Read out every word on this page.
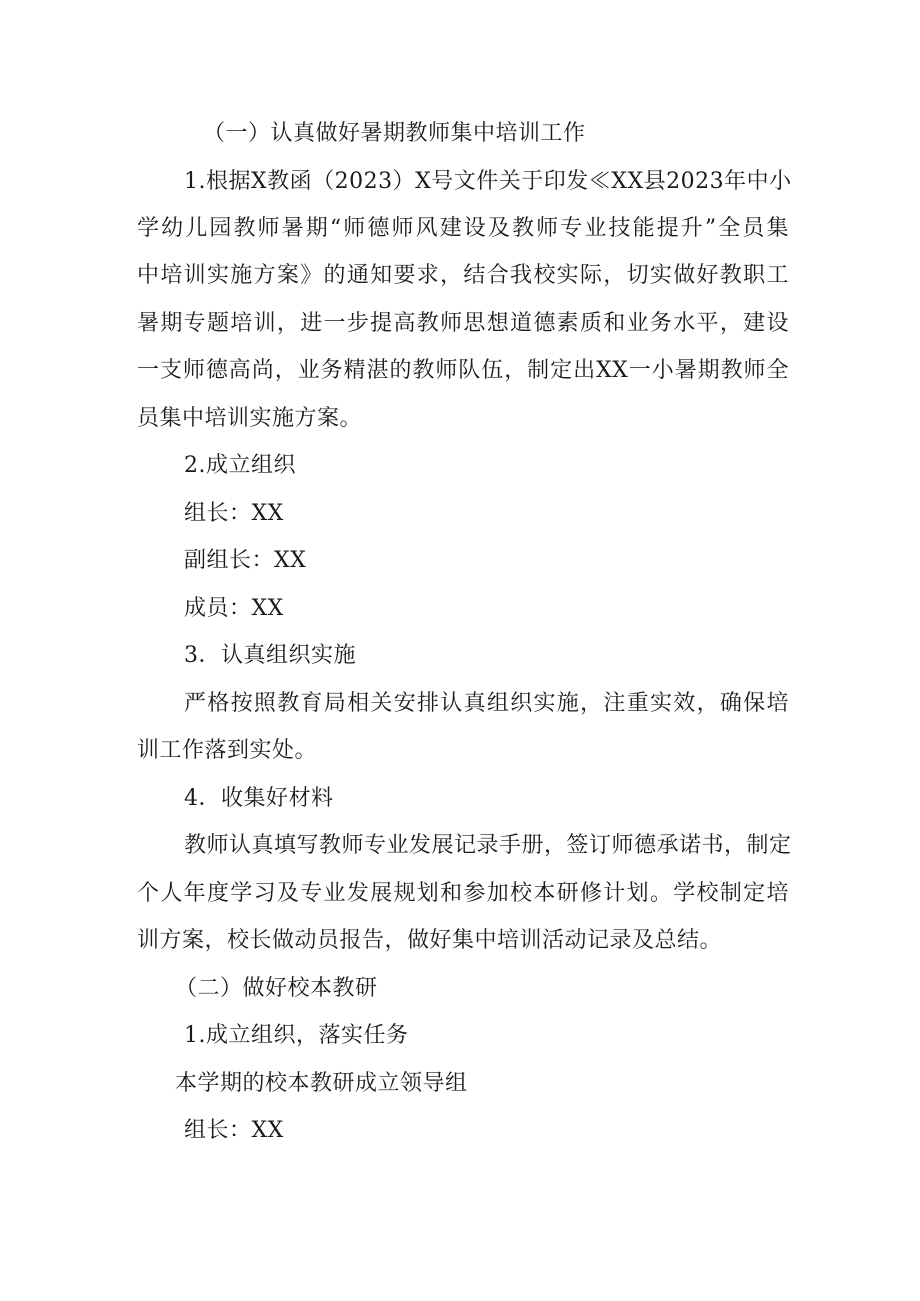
（一）认真做好暑期教师集中培训工作
1.根据X教函（2023）X号文件关于印发≪XX县2023年中小
学幼儿园教师暑期“师德师风建设及教师专业技能提升”全员集
中培训实施方案》的通知要求，结合我校实际，切实做好教职工
暑期专题培训，进一步提高教师思想道德素质和业务水平，建设
一支师德高尚，业务精湛的教师队伍，制定出XX一小暑期教师全
员集中培训实施方案。
2.成立组织
组长：XX
副组长：XX
成员：XX
3．认真组织实施
严格按照教育局相关安排认真组织实施，注重实效，确保培
训工作落到实处。
4．收集好材料
教师认真填写教师专业发展记录手册，签订师德承诺书，制定
个人年度学习及专业发展规划和参加校本研修计划。学校制定培
训方案，校长做动员报告，做好集中培训活动记录及总结。
（二）做好校本教研
1.成立组织，落实任务
本学期的校本教研成立领导组
组长：XX
